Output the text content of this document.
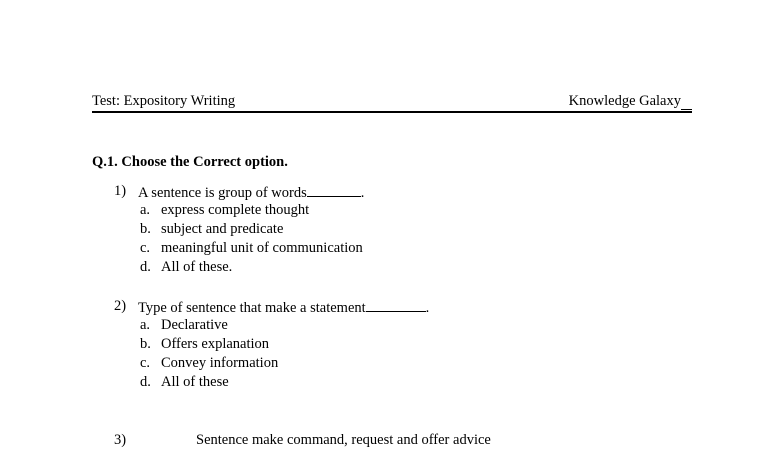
Test: Expository Writing	Knowledge Galaxy
Q.1. Choose the Correct option.
1) A sentence is group of words	.
a. express complete thought
b. subject and predicate
c. meaningful unit of communication
d. All of these.
2) Type of sentence that make a statement	.
a. Declarative
b. Offers explanation
c. Convey information
d. All of these
3)	Sentence make command, request and offer advice
